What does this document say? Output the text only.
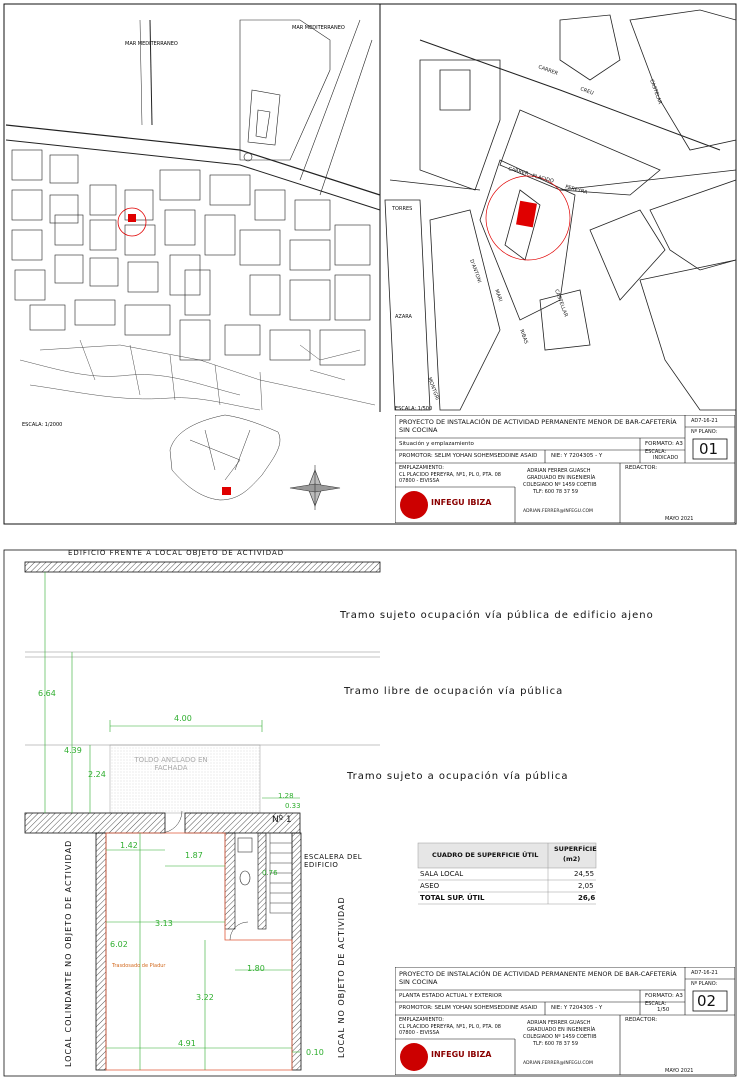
MAR MEDITERRANEO
MAR MEDITERRANEO
ESCALA: 1/2000
CARRER
CREU
CARRER
PLACIDO
PEREYRA
TORRES
D'ANTONI
MARI
RIBAS
CASTELLAR
AZARA
MONTGRI
CASTELAR
ESCALA: 1/500
PROYECTO DE INSTALACIÓN DE ACTIVIDAD PERMANENTE MENOR DE BAR-CAFETERÍA SIN COCINA
AD7-16-21
Nº PLANO:
01
Situación y emplazamiento	FORMATO: A3
ESCALA:
INDICADO
PROMOTOR: SELIM YOHAN SOHEMSEDDINE ASAID NIE: Y 7204305 - Y
EMPLAZAMIENTO:
CL PLACIDO PEREYRA, Nº1, PL 0, PTA. 08
07800 - EIVISSA
INFEGU IBIZA
ADRIAN FERRER GUASCH
GRADUADO EN INGENIERÍA
COLEGIADO Nº 1459 COETIIB
TLF: 600 78 37 59
ADRIAN.FERRER@INFEGU.COM
REDACTOR:
MAYO 2021
6.64
4.39
4.00
2.24
1.28
0.33
1.42
1.87
0.76
3.13
6.02
1.80
3.22
4.91
0.10
EDIFICIO FRENTE A LOCAL OBJETO DE ACTIVIDAD
Tramo sujeto ocupación vía pública de edificio ajeno
Tramo libre de ocupación vía pública
Tramo sujeto a ocupación vía pública
TOLDO ANCLADO EN FACHADA
Trasdosado de Pladur
ESCALERA DEL EDIFICIO
Nº 1
LOCAL COLINDANTE NO OBJETO DE ACTIVIDAD	LOCAL NO OBJETO DE ACTIVIDAD
CUADRO DE SUPERFICIE ÚTIL
SUPERFÍCIE
(m2)
SALA LOCAL	24,55
ASEO	2,05
TOTAL SUP. ÚTIL	26,6
PROYECTO DE INSTALACIÓN DE ACTIVIDAD PERMANENTE MENOR DE BAR-CAFETERÍA SIN COCINA
AD7-16-21
Nº PLANO:
02
PLANTA ESTADO ACTUAL Y EXTERIOR	FORMATO: A3
ESCALA:
1/50
PROMOTOR: SELIM YOHAN SOHEMSEDDINE ASAID NIE: Y 7204305 - Y
EMPLAZAMIENTO:
CL PLACIDO PEREYRA, Nº1, PL 0, PTA. 08
07800 - EIVISSA
INFEGU IBIZA
ADRIAN FERRER GUASCH
GRADUADO EN INGENIERÍA
COLEGIADO Nº 1459 COETIIB
TLF: 600 78 37 59
ADRIAN.FERRER@INFEGU.COM
REDACTOR:
MAYO 2021
